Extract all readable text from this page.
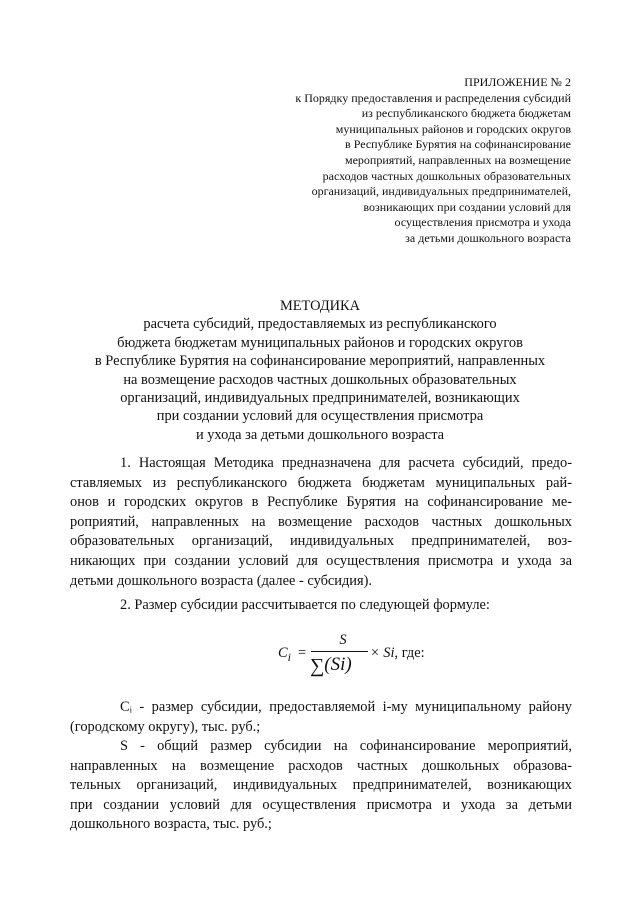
ПРИЛОЖЕНИЕ № 2
к Порядку предоставления и распределения субсидий
из республиканского бюджета бюджетам
муниципальных районов и городских округов
в Республике Бурятия на софинансирование
мероприятий, направленных на возмещение
расходов частных дошкольных образовательных
организаций, индивидуальных предпринимателей,
возникающих при создании условий для
осуществления присмотра и ухода
за детьми дошкольного возраста
МЕТОДИКА
расчета субсидий, предоставляемых из республиканского
бюджета бюджетам муниципальных районов и городских округов
в Республике Бурятия на софинансирование мероприятий, направленных
на возмещение расходов частных дошкольных образовательных
организаций, индивидуальных предпринимателей, возникающих
при создании условий для осуществления присмотра
и ухода за детьми дошкольного возраста
1. Настоящая Методика предназначена для расчета субсидий, предо-
ставляемых из республиканского бюджета бюджетам муниципальных рай-
онов и городских округов в Республике Бурятия на софинансирование ме-
роприятий, направленных на возмещение расходов частных дошкольных
образовательных организаций, индивидуальных предпринимателей, воз-
никающих при создании условий для осуществления присмотра и ухода за
детьми дошкольного возраста (далее - субсидия).
2. Размер субсидии рассчитывается по следующей формуле:
$C_i$ =
S
∑(Si)
× Si, где:
Cᵢ - размер субсидии, предоставляемой i-му муниципальному району
(городскому округу), тыс. руб.;
S - общий размер субсидии на софинансирование мероприятий,
направленных на возмещение расходов частных дошкольных образова-
тельных организаций, индивидуальных предпринимателей, возникающих
при создании условий для осуществления присмотра и ухода за детьми
дошкольного возраста, тыс. руб.;
